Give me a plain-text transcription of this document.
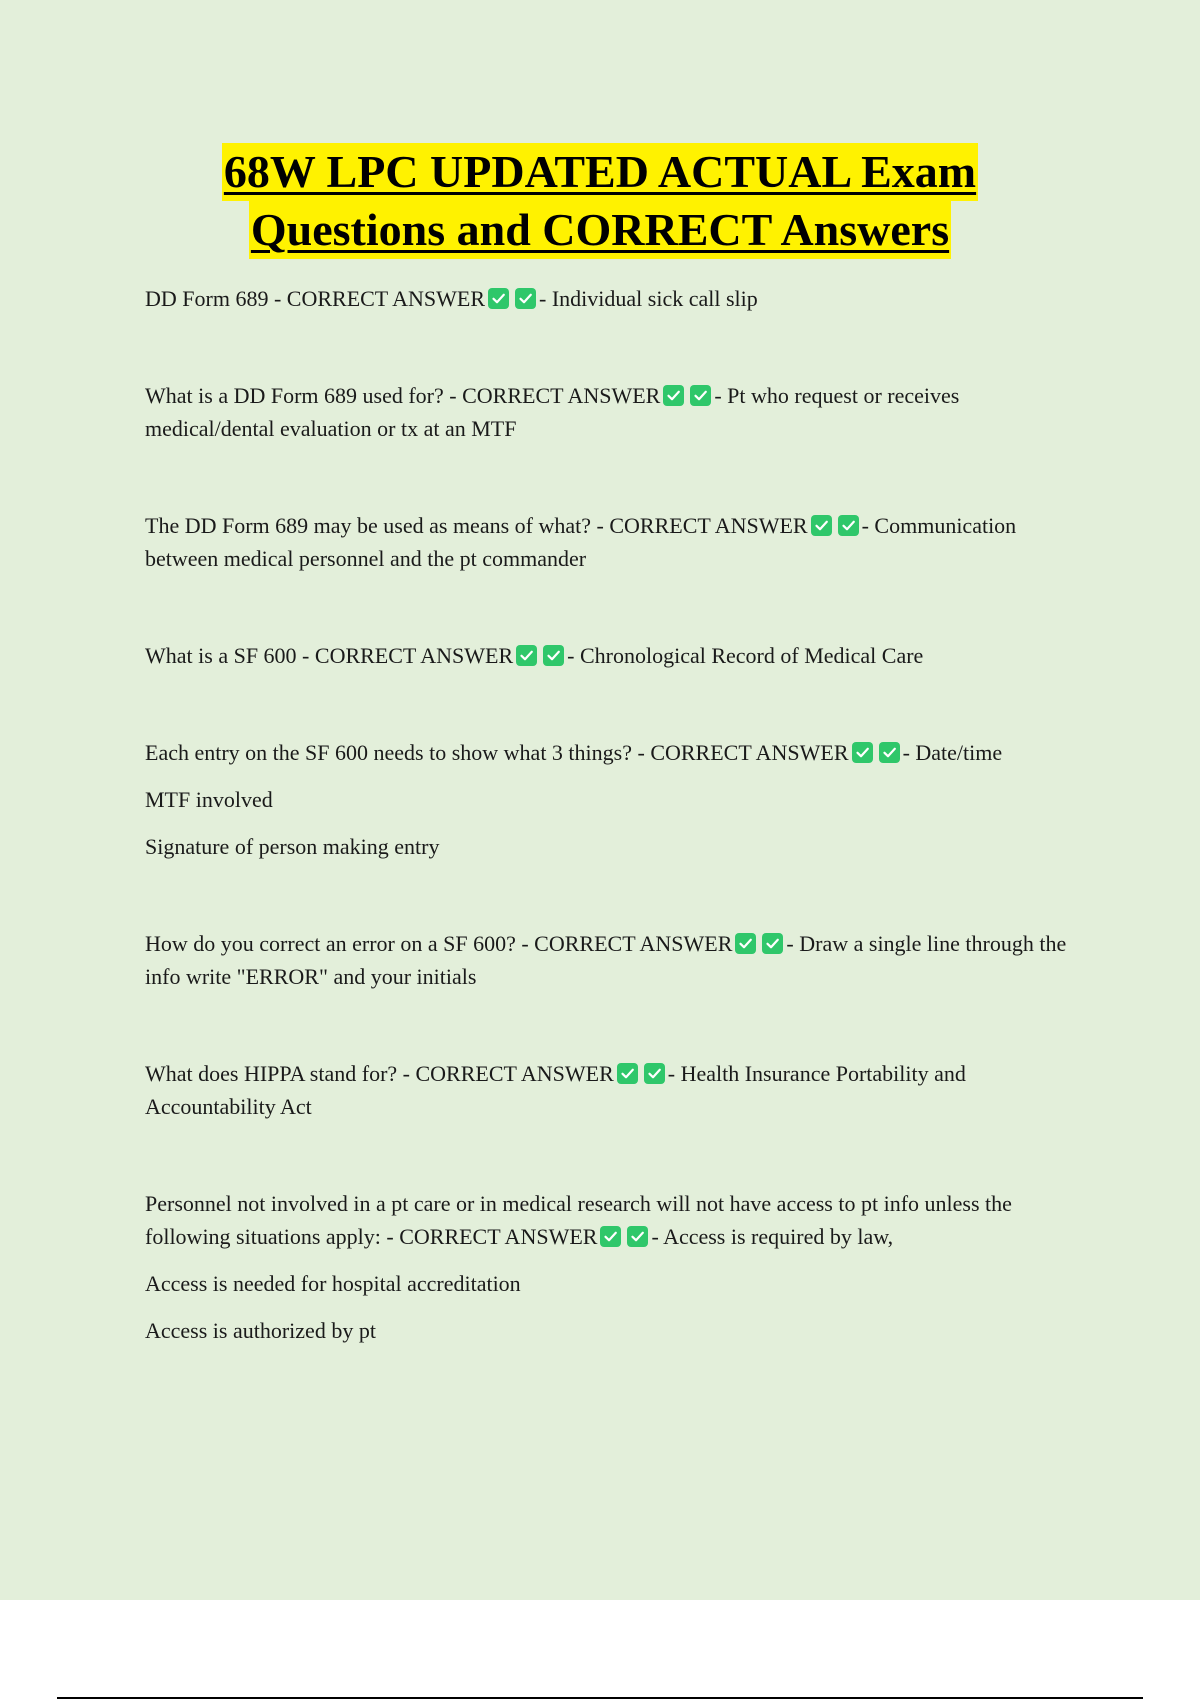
68W LPC UPDATED ACTUAL Exam
Questions and CORRECT Answers

DD Form 689 - CORRECT ANSWER - Individual sick call slip

What is a DD Form 689 used for? - CORRECT ANSWER - Pt who request or receives medical/dental evaluation or tx at an MTF

The DD Form 689 may be used as means of what? - CORRECT ANSWER - Communication between medical personnel and the pt commander

What is a SF 600 - CORRECT ANSWER - Chronological Record of Medical Care

Each entry on the SF 600 needs to show what 3 things? - CORRECT ANSWER - Date/time

MTF involved

Signature of person making entry

How do you correct an error on a SF 600? - CORRECT ANSWER - Draw a single line through the info write "ERROR" and your initials

What does HIPPA stand for? - CORRECT ANSWER - Health Insurance Portability and Accountability Act

Personnel not involved in a pt care or in medical research will not have access to pt info unless the following situations apply: - CORRECT ANSWER - Access is required by law,

Access is needed for hospital accreditation

Access is authorized by pt
